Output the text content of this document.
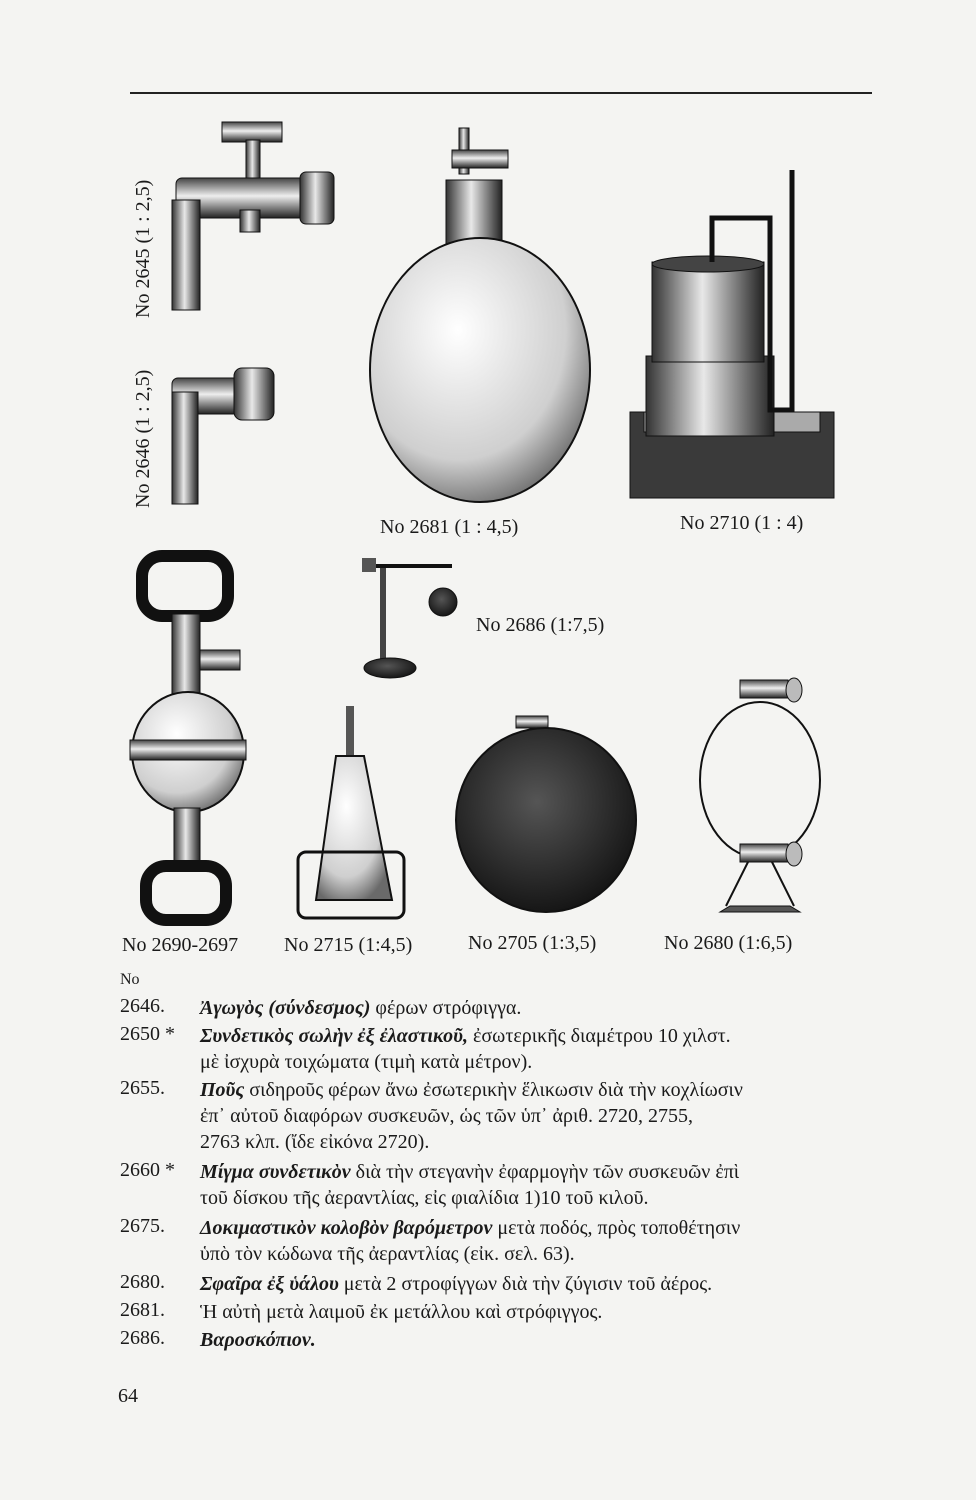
No 2645 (1 : 2,5)
No 2646 (1 : 2,5)
No 2681 (1 : 4,5)	No 2710 (1 : 4)
No 2686 (1:7,5)
No 2690-2697 No 2715 (1:4,5)	No 2705 (1:3,5)	No 2680 (1:6,5)
No
2646. Ἀγωγὸς (σύνδεσμος) φέρων στρόφιγγα.
2650 * Συνδετικὸς σωλὴν ἐξ ἐλαστικοῦ, ἐσωτερικῆς διαμέτρου 10 χιλστ.
μὲ ἰσχυρὰ τοιχώματα (τιμὴ κατὰ μέτρον).
2655. Ποῦς σιδηροῦς φέρων ἄνω ἐσωτερικὴν ἕλικωσιν διὰ τὴν κοχλίωσιν
ἐπ᾽ αὐτοῦ διαφόρων συσκευῶν, ὡς τῶν ὑπ᾽ ἀριθ. 2720, 2755,
2763 κλπ. (ἴδε εἰκόνα 2720).
2660 * Μίγμα συνδετικὸν διὰ τὴν στεγανὴν ἐφαρμογὴν τῶν συσκευῶν ἐπὶ
τοῦ δίσκου τῆς ἀεραντλίας, εἰς φιαλίδια 1)10 τοῦ κιλοῦ.
2675. Δοκιμαστικὸν κολοβὸν βαρόμετρον μετὰ ποδός, πρὸς τοποθέτησιν
ὑπὸ τὸν κώδωνα τῆς ἀεραντλίας (εἰκ. σελ. 63).
2680. Σφαῖρα ἐξ ὑάλου μετὰ 2 στροφίγγων διὰ τὴν ζύγισιν τοῦ ἀέρος.
2681. Ἡ αὐτὴ μετὰ λαιμοῦ ἐκ μετάλλου καὶ στρόφιγγος.
2686. Βαροσκόπιον.
64
